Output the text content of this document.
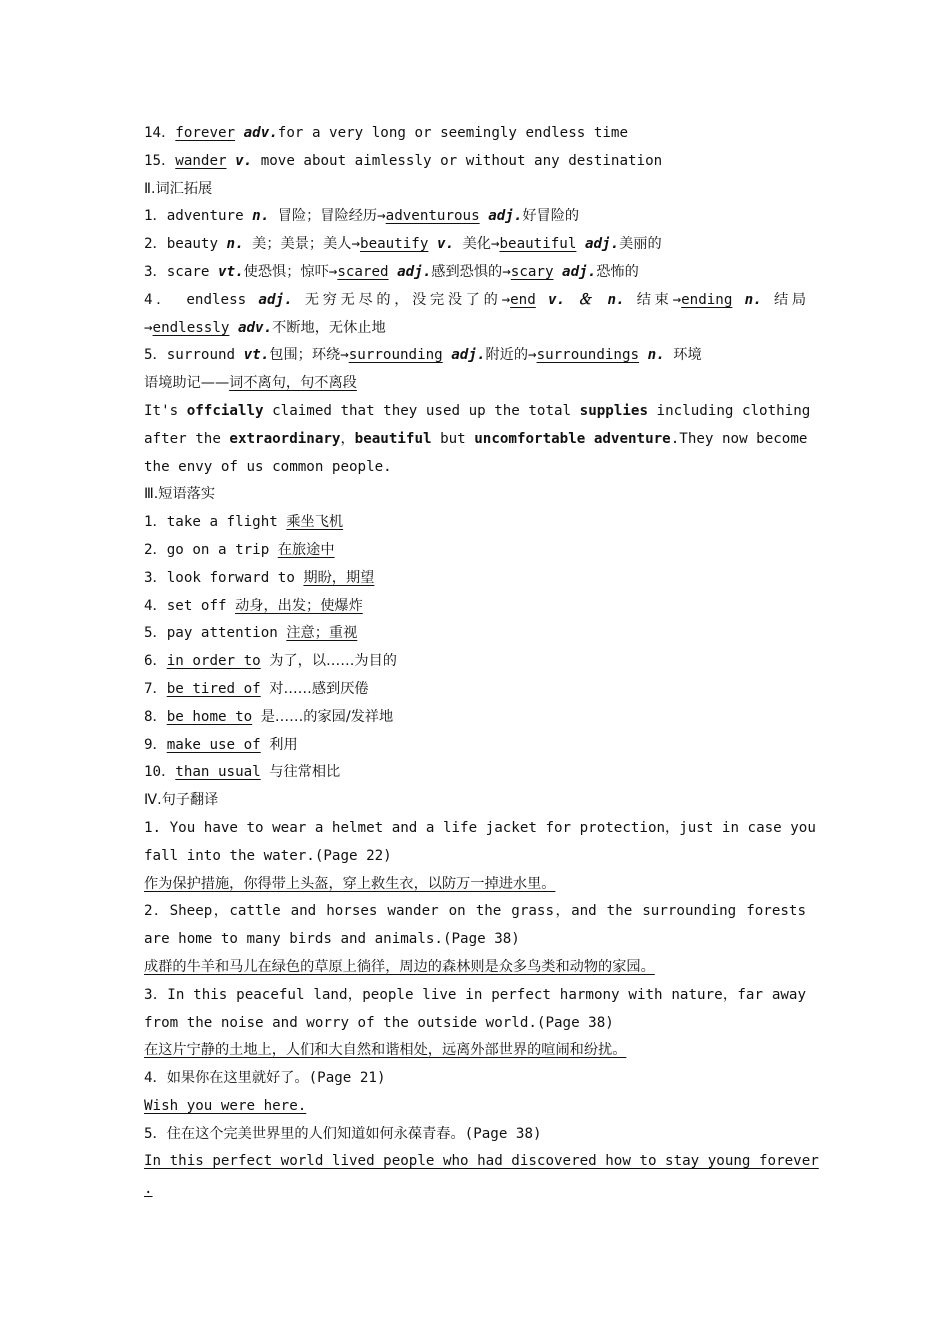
14．forever adv.for a very long or seemingly endless time
15．wander v. move about aimlessly or without any destination
Ⅱ.词汇拓展
1．adventure n. 冒险；冒险经历→adventurous adj.好冒险的
2．beauty n. 美；美景；美人→beautify v. 美化→beautiful adj.美丽的
3．scare vt.使恐惧；惊吓→scared adj.感到恐惧的→scary adj.恐怖的
4． endless adj. 无穷无尽的，没完没了的→end v. ＆ n. 结束→ending n. 结局
→endlessly adv.不断地，无休止地
5．surround vt.包围；环绕→surrounding adj.附近的→surroundings n. 环境
语境助记——词不离句，句不离段
It's offcially claimed that they used up the total supplies including clothing
after the extraordinary，beautiful but uncomfortable adventure.They now become
the envy of us common people.
Ⅲ.短语落实
1．take a flight 乘坐飞机
2．go on a trip 在旅途中
3．look forward to 期盼，期望
4．set off 动身，出发；使爆炸
5．pay attention 注意；重视
6．in order to 为了，以……为目的
7．be tired of 对……感到厌倦
8．be home to 是……的家园/发祥地
9．make use of 利用
10．than usual 与往常相比
Ⅳ.句子翻译
1. You have to wear a helmet and a life jacket for protection，just in case you
fall into the water.(Page 22)
作为保护措施，你得带上头盔，穿上救生衣，以防万一掉进水里。
2．Sheep，cattle and horses wander on the grass，and the surrounding forests
are home to many birds and animals.(Page 38)
成群的牛羊和马儿在绿色的草原上徜徉，周边的森林则是众多鸟类和动物的家园。
3．In this peaceful land，people live in perfect harmony with nature，far away
from the noise and worry of the outside world.(Page 38)
在这片宁静的土地上，人们和大自然和谐相处，远离外部世界的喧闹和纷扰。
4．如果你在这里就好了。(Page 21)
Wish you were here.
5．住在这个完美世界里的人们知道如何永葆青春。(Page 38)
In this perfect world lived people who had discovered how to stay young forever
.
